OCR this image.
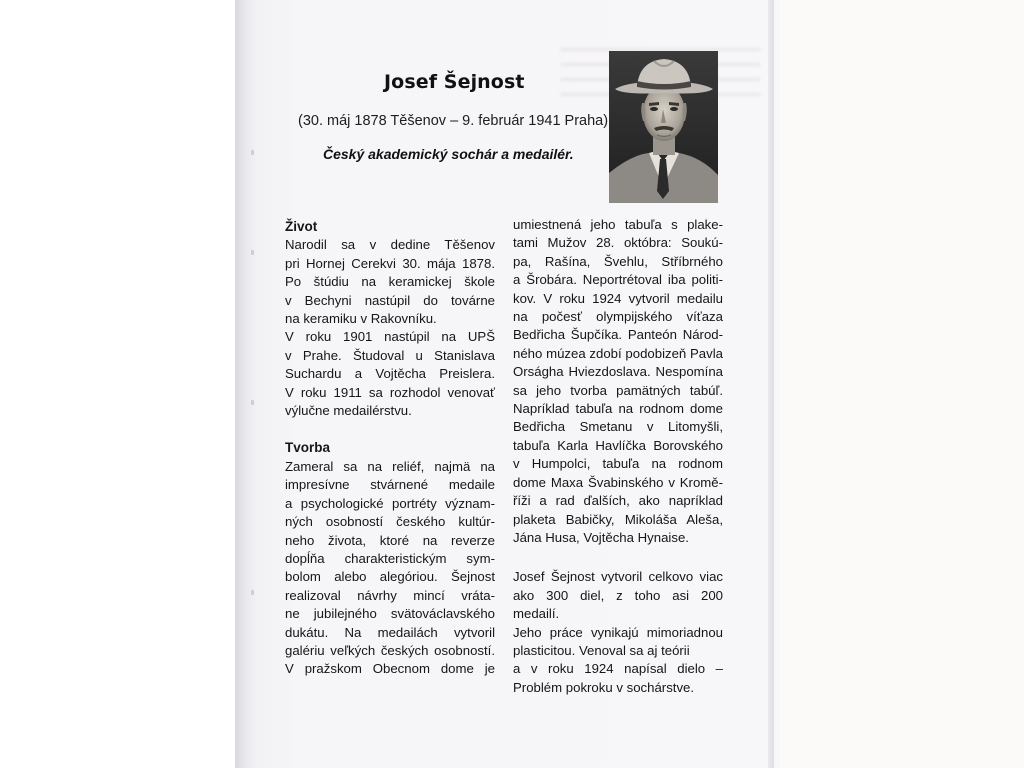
Josef Šejnost
(30. máj 1878 Těšenov – 9. február 1941 Praha)
Český akademický sochár a medailér.
Život

Narodil sa v dedine Těšenov

pri Hornej Cerekvi 30. mája 1878.

Po štúdiu na keramickej škole

v Bechyni nastúpil do továrne

na keramiku v Rakovníku.

V roku 1901 nastúpil na UPŠ

v Prahe. Študoval u Stanislava

Suchardu a Vojtěcha Preislera.

V roku 1911 sa rozhodol venovať

výlučne medailérstvu.

Tvorba

Zameral sa na reliéf, najmä na

impresívne stvárnené medaile

a psychologické portréty význam-

ných osobností českého kultúr-

neho života, ktoré na reverze

dopĺňa charakteristickým sym-

bolom alebo alegóriou. Šejnost

realizoval návrhy mincí vráta-

ne jubilejného svätováclavského

dukátu. Na medailách vytvoril

galériu veľkých českých osobností.

V pražskom Obecnom dome je

umiestnená jeho tabuľa s plake-

tami Mužov 28. októbra: Soukú-

pa, Rašína, Švehlu, Stříbrného

a Šrobára. Neportrétoval iba politi-

kov. V roku 1924 vytvoril medailu

na počesť olympijského víťaza

Bedřicha Šupčíka. Panteón Národ-

ného múzea zdobí podobizeň Pavla

Orságha Hviezdoslava. Nespomína

sa jeho tvorba pamätných tabúľ.

Napríklad tabuľa na rodnom dome

Bedřicha Smetanu v Litomyšli,

tabuľa Karla Havlíčka Borovského

v Humpolci, tabuľa na rodnom

dome Maxa Švabinského v Kromě-

říži a rad ďalších, ako napríklad

plaketa Babičky, Mikoláša Aleša,

Jána Husa, Vojtěcha Hynaise.

Josef Šejnost vytvoril celkovo viac

ako 300 diel, z toho asi 200 medailí.

Jeho práce vynikajú mimoriadnou

plasticitou. Venoval sa aj teórii

a v roku 1924 napísal dielo –

Problém pokroku v sochárstve.
